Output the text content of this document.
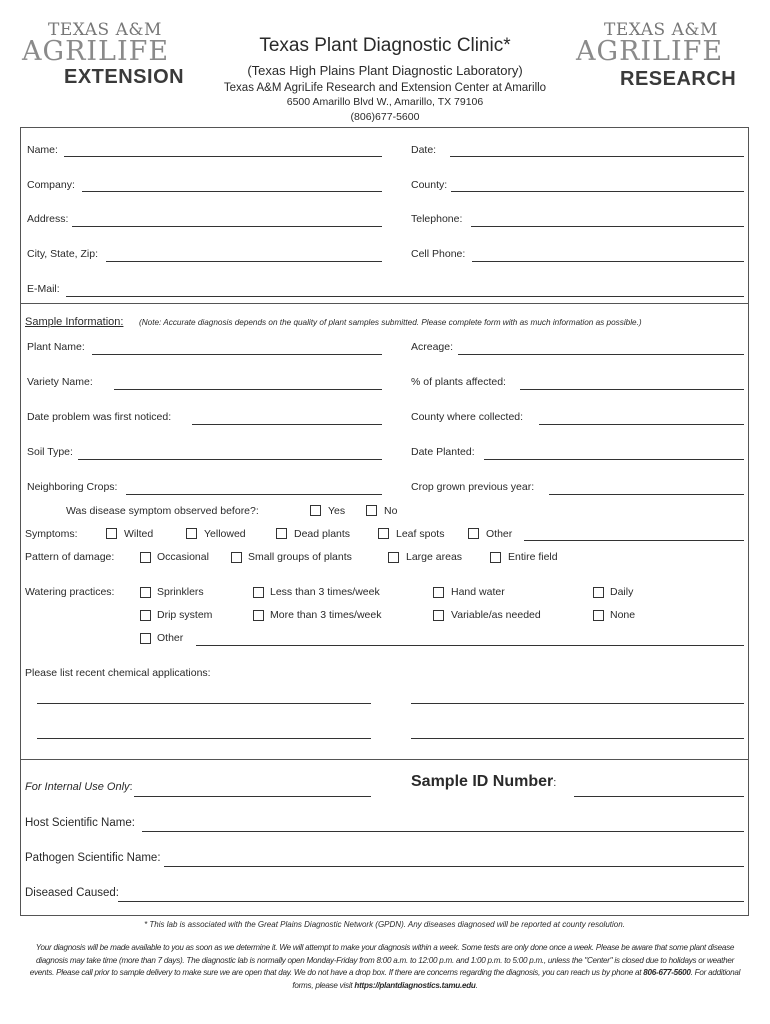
TEXAS A&M
AGRILIFE
EXTENSION
TEXAS A&M
AGRILIFE
RESEARCH
Texas Plant Diagnostic Clinic*
(Texas High Plains Plant Diagnostic Laboratory)
Texas A&M AgriLife Research and Extension Center at Amarillo
6500 Amarillo Blvd W., Amarillo, TX 79106
(806)677-5600
Name:	Date:
Company:	County:
Address:	Telephone:
City, State, Zip:	Cell Phone:
E-Mail:
Sample Information: (Note: Accurate diagnosis depends on the quality of plant samples submitted. Please complete form with as much information as possible.)
Plant Name:	Acreage:
Variety Name:	% of plants affected:
Date problem was first noticed:	County where collected:
Soil Type:	Date Planted:
Neighboring Crops:	Crop grown previous year:
Was disease symptom observed before?:	Yes	No
Symptoms:	Wilted	Yellowed	Dead plants	Leaf spots	Other
Pattern of damage:	Occasional	Small groups of plants	Large areas	Entire field
Watering practices:	Sprinklers	Less than 3 times/week	Hand water	Daily
Drip system	More than 3 times/week	Variable/as needed	None
Other
Please list recent chemical applications:
For Internal Use Only:	Sample ID Number:
Host Scientific Name:
Pathogen Scientific Name:
Diseased Caused:
* This lab is associated with the Great Plains Diagnostic Network (GPDN). Any diseases diagnosed will be reported at county resolution.
Your diagnosis will be made available to you as soon as we determine it. We will attempt to make your diagnosis within a week. Some tests are only done once a week. Please be aware that some plant disease diagnosis may take time (more than 7 days). The diagnostic lab is normally open Monday-Friday from 8:00 a.m. to 12:00 p.m. and 1:00 p.m. to 5:00 p.m., unless the "Center" is closed due to holidays or weather events. Please call prior to sample delivery to make sure we are open that day. We do not have a drop box. If there are concerns regarding the diagnosis, you can reach us by phone at 806-677-5600. For additional forms, please visit https://plantdiagnostics.tamu.edu.
